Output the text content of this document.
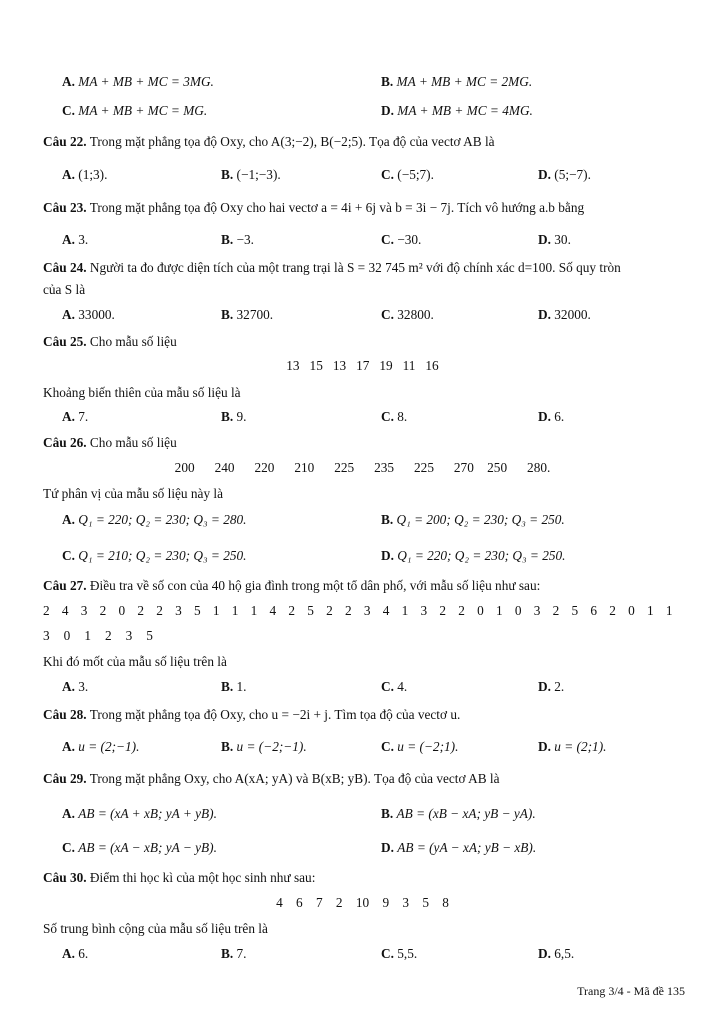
A. MA + MB + MC = 3MG.	B. MA + MB + MC = 2MG.
C. MA + MB + MC = MG.	D. MA + MB + MC = 4MG.
Câu 22. Trong mặt phẳng tọa độ Oxy, cho A(3;−2), B(−2;5). Tọa độ của vectơ AB là
A. (1;3).	B. (−1;−3).	C. (−5;7).	D. (5;−7).
Câu 23. Trong mặt phẳng tọa độ Oxy cho hai vectơ a = 4i + 6j và b = 3i − 7j. Tích vô hướng a.b bằng
A. 3.	B. −3.	C. −30.	D. 30.
Câu 24. Người ta đo được diện tích của một trang trại là S = 32 745 m² với độ chính xác d=100. Số quy tròn
của S là
A. 33000.	B. 32700.	C. 32800.	D. 32000.
Câu 25. Cho mẫu số liệu
13   15   13   17   19   11   16
Khoảng biến thiên của mẫu số liệu là
A. 7.	B. 9.	C. 8.	D. 6.
Câu 26. Cho mẫu số liệu
200      240      220      210      225      235      225      270    250      280.
Tứ phân vị của mẫu số liệu này là
A. Q₁ = 220; Q₂ = 230; Q₃ = 280.	B. Q₁ = 200; Q₂ = 230; Q₃ = 250.
C. Q₁ = 210; Q₂ = 230; Q₃ = 250.	D. Q₁ = 220; Q₂ = 230; Q₃ = 250.
Câu 27. Điều tra về số con của 40 hộ gia đình trong một tổ dân phố, với mẫu số liệu như sau:
2 4 3 2 0 2 2 3 5 1 1 1 4 2 5 2 2 3 4 1 3 2 2 0 1 0 3 2 5 6 2 0 1 1
3 0 1 2 3 5
Khi đó mốt của mẫu số liệu trên là
A. 3.	B. 1.	C. 4.	D. 2.
Câu 28. Trong mặt phẳng tọa độ Oxy, cho u = −2i + j. Tìm tọa độ của vectơ u.
A. u = (2;−1).	B. u = (−2;−1).	C. u = (−2;1).	D. u = (2;1).
Câu 29. Trong mặt phẳng Oxy, cho A(xA; yA) và B(xB; yB). Tọa độ của vectơ AB là
A. AB = (xA + xB; yA + yB).	B. AB = (xB − xA; yB − yA).
C. AB = (xA − xB; yA − yB).	D. AB = (yA − xA; yB − xB).
Câu 30. Điểm thi học kì của một học sinh như sau:
4    6    7    2    10    9    3    5    8
Số trung bình cộng của mẫu số liệu trên là
A. 6.	B. 7.	C. 5,5.	D. 6,5.
Trang 3/4 - Mã đề 135
